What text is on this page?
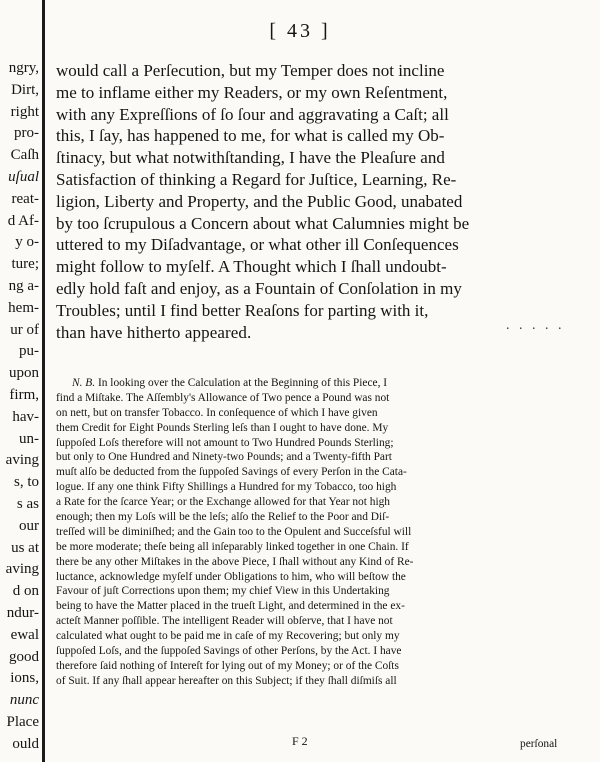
[ 43 ]
ngry,
Dirt,
right
pro-
Caſh
uſual
reat-
d Af-
y o-
ture;
ng a-
hem-
ur of
pu-
upon
firm,
hav-
un-
aving
s, to
s as
our
us at
aving
d on
ndur-
ewal
good
ions,
nunc
Place
ould
would call a Perſecution, but my Temper does not incline
me to inflame either my Readers, or my own Reſentment,
with any Expreſſions of ſo ſour and aggravating a Caſt; all
this, I ſay, has happened to me, for what is called my Ob-
ſtinacy, but what notwithſtanding, I have the Pleaſure and
Satisfaction of thinking a Regard for Juſtice, Learning, Re-
ligion, Liberty and Property, and the Public Good, unabated
by too ſcrupulous a Concern about what Calumnies might be
uttered to my Diſadvantage, or what other ill Conſequences
might follow to myſelf. A Thought which I ſhall undoubt-
edly hold faſt and enjoy, as a Fountain of Conſolation in my
Troubles; until I find better Reaſons for parting with it,
than have hitherto appeared.	. . . . .
N. B. In looking over the Calculation at the Beginning of this Piece, I
find a Miſtake. The Aſſembly's Allowance of Two pence a Pound was not
on nett, but on transfer Tobacco. In conſequence of which I have given
them Credit for Eight Pounds Sterling leſs than I ought to have done. My
ſuppoſed Loſs therefore will not amount to Two Hundred Pounds Sterling;
but only to One Hundred and Ninety-two Pounds; and a Twenty-fifth Part
muſt alſo be deducted from the ſuppoſed Savings of every Perſon in the Cata-
logue. If any one think Fifty Shillings a Hundred for my Tobacco, too high
a Rate for the ſcarce Year; or the Exchange allowed for that Year not high
enough; then my Loſs will be the leſs; alſo the Relief to the Poor and Diſ-
treſſed will be diminiſhed; and the Gain too to the Opulent and Succeſsful will
be more moderate; theſe being all inſeparably linked together in one Chain. If
there be any other Miſtakes in the above Piece, I ſhall without any Kind of Re-
luctance, acknowledge myſelf under Obligations to him, who will beſtow the
Favour of juſt Corrections upon them; my chief View in this Undertaking
being to have the Matter placed in the trueſt Light, and determined in the ex-
acteſt Manner poſſible. The intelligent Reader will obſerve, that I have not
calculated what ought to be paid me in caſe of my Recovering; but only my
ſuppoſed Loſs, and the ſuppoſed Savings of other Perſons, by the Act. I have
therefore ſaid nothing of Intereſt for lying out of my Money; or of the Coſts
of Suit. If any ſhall appear hereafter on this Subject; if they ſhall diſmiſs all
F 2	perſonal
